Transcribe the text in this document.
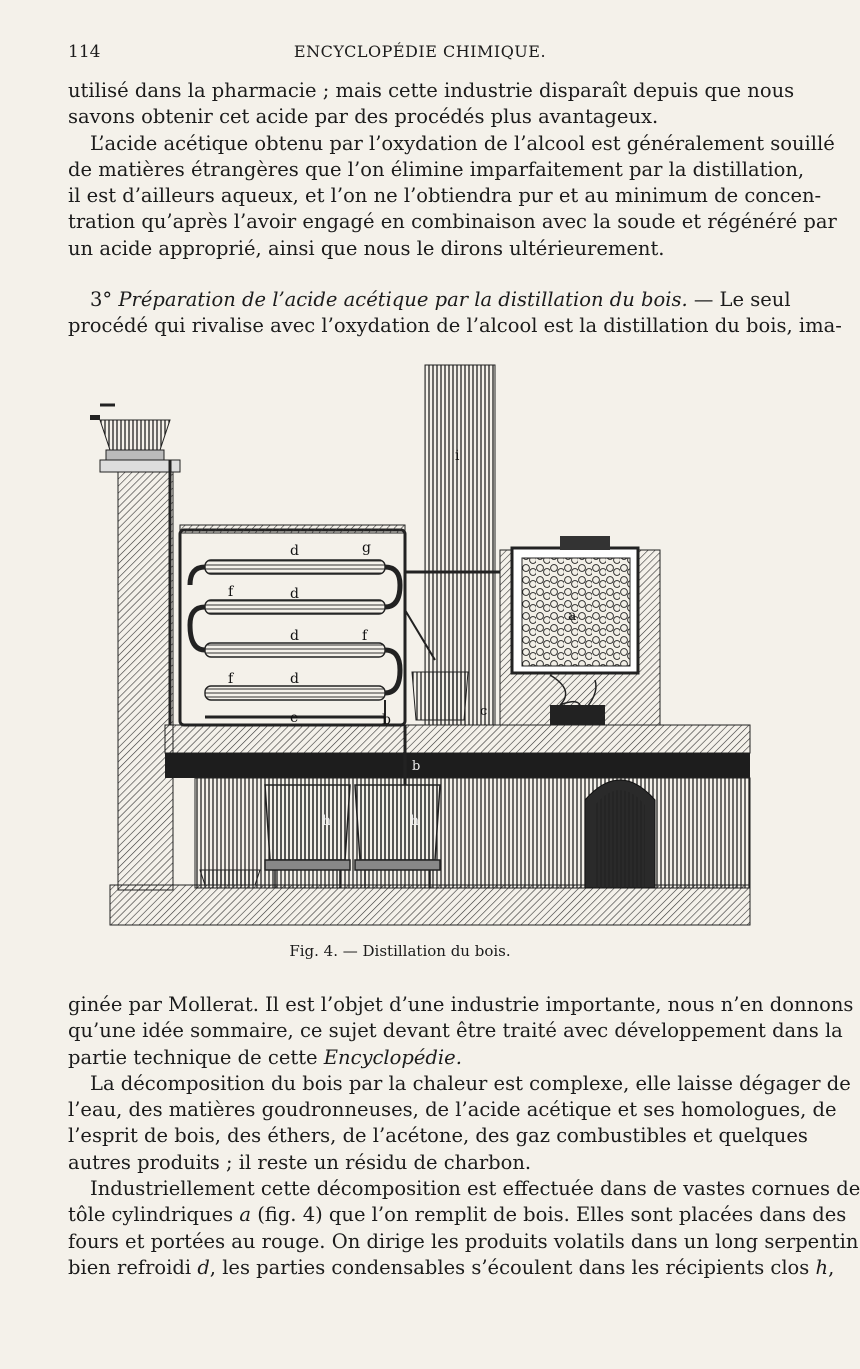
114	ENCYCLOPÉDIE CHIMIQUE.
utilisé dans la pharmacie ; mais cette industrie disparaît depuis que nous
savons obtenir cet acide par des procédés plus avantageux.
L’acide acétique obtenu par l’oxydation de l’alcool est généralement souillé
de matières étrangères que l’on élimine imparfaitement par la distillation,
il est d’ailleurs aqueux, et l’on ne l’obtiendra pur et au minimum de concen-
tration qu’après l’avoir engagé en combinaison avec la soude et régénéré par
un acide approprié, ainsi que nous le dirons ultérieurement.
3° Préparation de l’acide acétique par la distillation du bois. — Le seul
procédé qui rivalise avec l’oxydation de l’alcool est la distillation du bois, ima-
d
d
d
d
f
f
f
g
e	b
i
c
a
b
h	h
Fig. 4. — Distillation du bois.
ginée par Mollerat. Il est l’objet d’une industrie importante, nous n’en donnons
qu’une idée sommaire, ce sujet devant être traité avec développement dans la
partie technique de cette Encyclopédie.
La décomposition du bois par la chaleur est complexe, elle laisse dégager de
l’eau, des matières goudronneuses, de l’acide acétique et ses homologues, de
l’esprit de bois, des éthers, de l’acétone, des gaz combustibles et quelques
autres produits ; il reste un résidu de charbon.
Industriellement cette décomposition est effectuée dans de vastes cornues de
tôle cylindriques a (fig. 4) que l’on remplit de bois. Elles sont placées dans des
fours et portées au rouge. On dirige les produits volatils dans un long serpentin
bien refroidi d, les parties condensables s’écoulent dans les récipients clos h,
